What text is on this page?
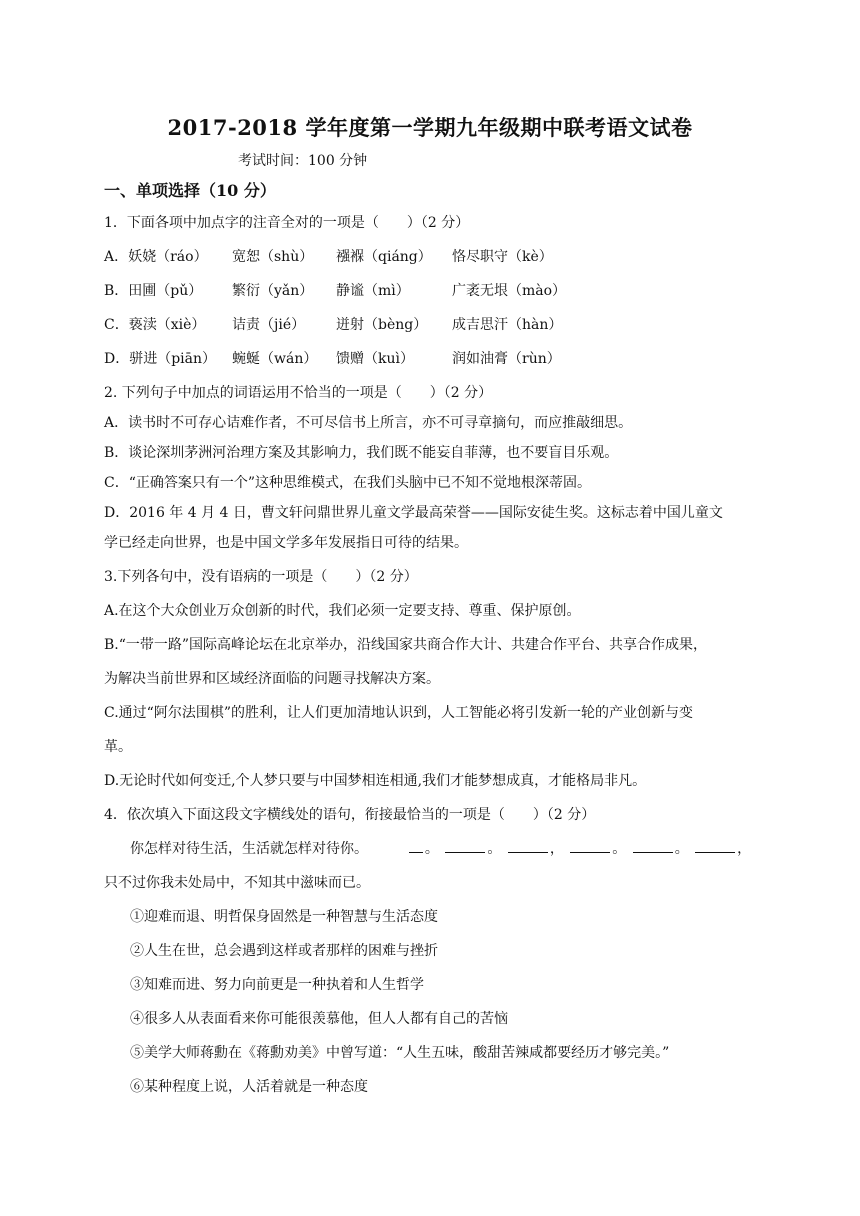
2017-2018 学年度第一学期九年级期中联考语文试卷
考试时间：100 分钟
一、单项选择（10 分）
1．下面各项中加点字的注音全对的一项是（　　）（2 分）
A．妖娆（ráo）	宽恕（shù）	襁褓（qiáng）	恪尽职守（kè）
B．田圃（pǔ）	繁衍（yǎn）	静谧（mì）	广袤无垠（mào）
C．亵渎（xiè）	诘责（jié）	迸射（bèng）	成吉思汗（hàn）
D．骈进（piān）	蜿蜒（wán）	馈赠（kuì）	润如油膏（rùn）
2. 下列句子中加点的词语运用不恰当的一项是（　　）（2 分）
A．读书时不可存心诘难作者，不可尽信书上所言，亦不可寻章摘句，而应推敲细思。
B．谈论深圳茅洲河治理方案及其影响力，我们既不能妄自菲薄，也不要盲目乐观。
C．“正确答案只有一个”这种思维模式，在我们头脑中已不知不觉地根深蒂固。
D．2016 年 4 月 4 日，曹文轩问鼎世界儿童文学最高荣誉——国际安徒生奖。这标志着中国儿童文
学已经走向世界，也是中国文学多年发展指日可待的结果。
3.下列各句中，没有语病的一项是（　　）（2 分）
A.在这个大众创业万众创新的时代，我们必须一定要支持、尊重、保护原创。
B.“一带一路”国际高峰论坛在北京举办，沿线国家共商合作大计、共建合作平台、共享合作成果，
为解决当前世界和区域经济面临的问题寻找解决方案。
C.通过“阿尔法围棋”的胜利，让人们更加清地认识到，人工智能必将引发新一轮的产业创新与变
革。
D.无论时代如何变迁,个人梦只要与中国梦相连相通,我们才能梦想成真，才能格局非凡。
4．依次填入下面这段文字横线处的语句，衔接最恰当的一项是（　　）（2 分）
你怎样对待生活，生活就怎样对待你。	。	。	，	。	。	，
只不过你我未处局中，不知其中滋味而已。
①迎难而退、明哲保身固然是一种智慧与生活态度
②人生在世，总会遇到这样或者那样的困难与挫折
③知难而进、努力向前更是一种执着和人生哲学
④很多人从表面看来你可能很羡慕他，但人人都有自己的苦恼
⑤美学大师蒋勳在《蒋勳劝美》中曾写道：“人生五味，酸甜苦辣咸都要经历才够完美。”
⑥某种程度上说，人活着就是一种态度
